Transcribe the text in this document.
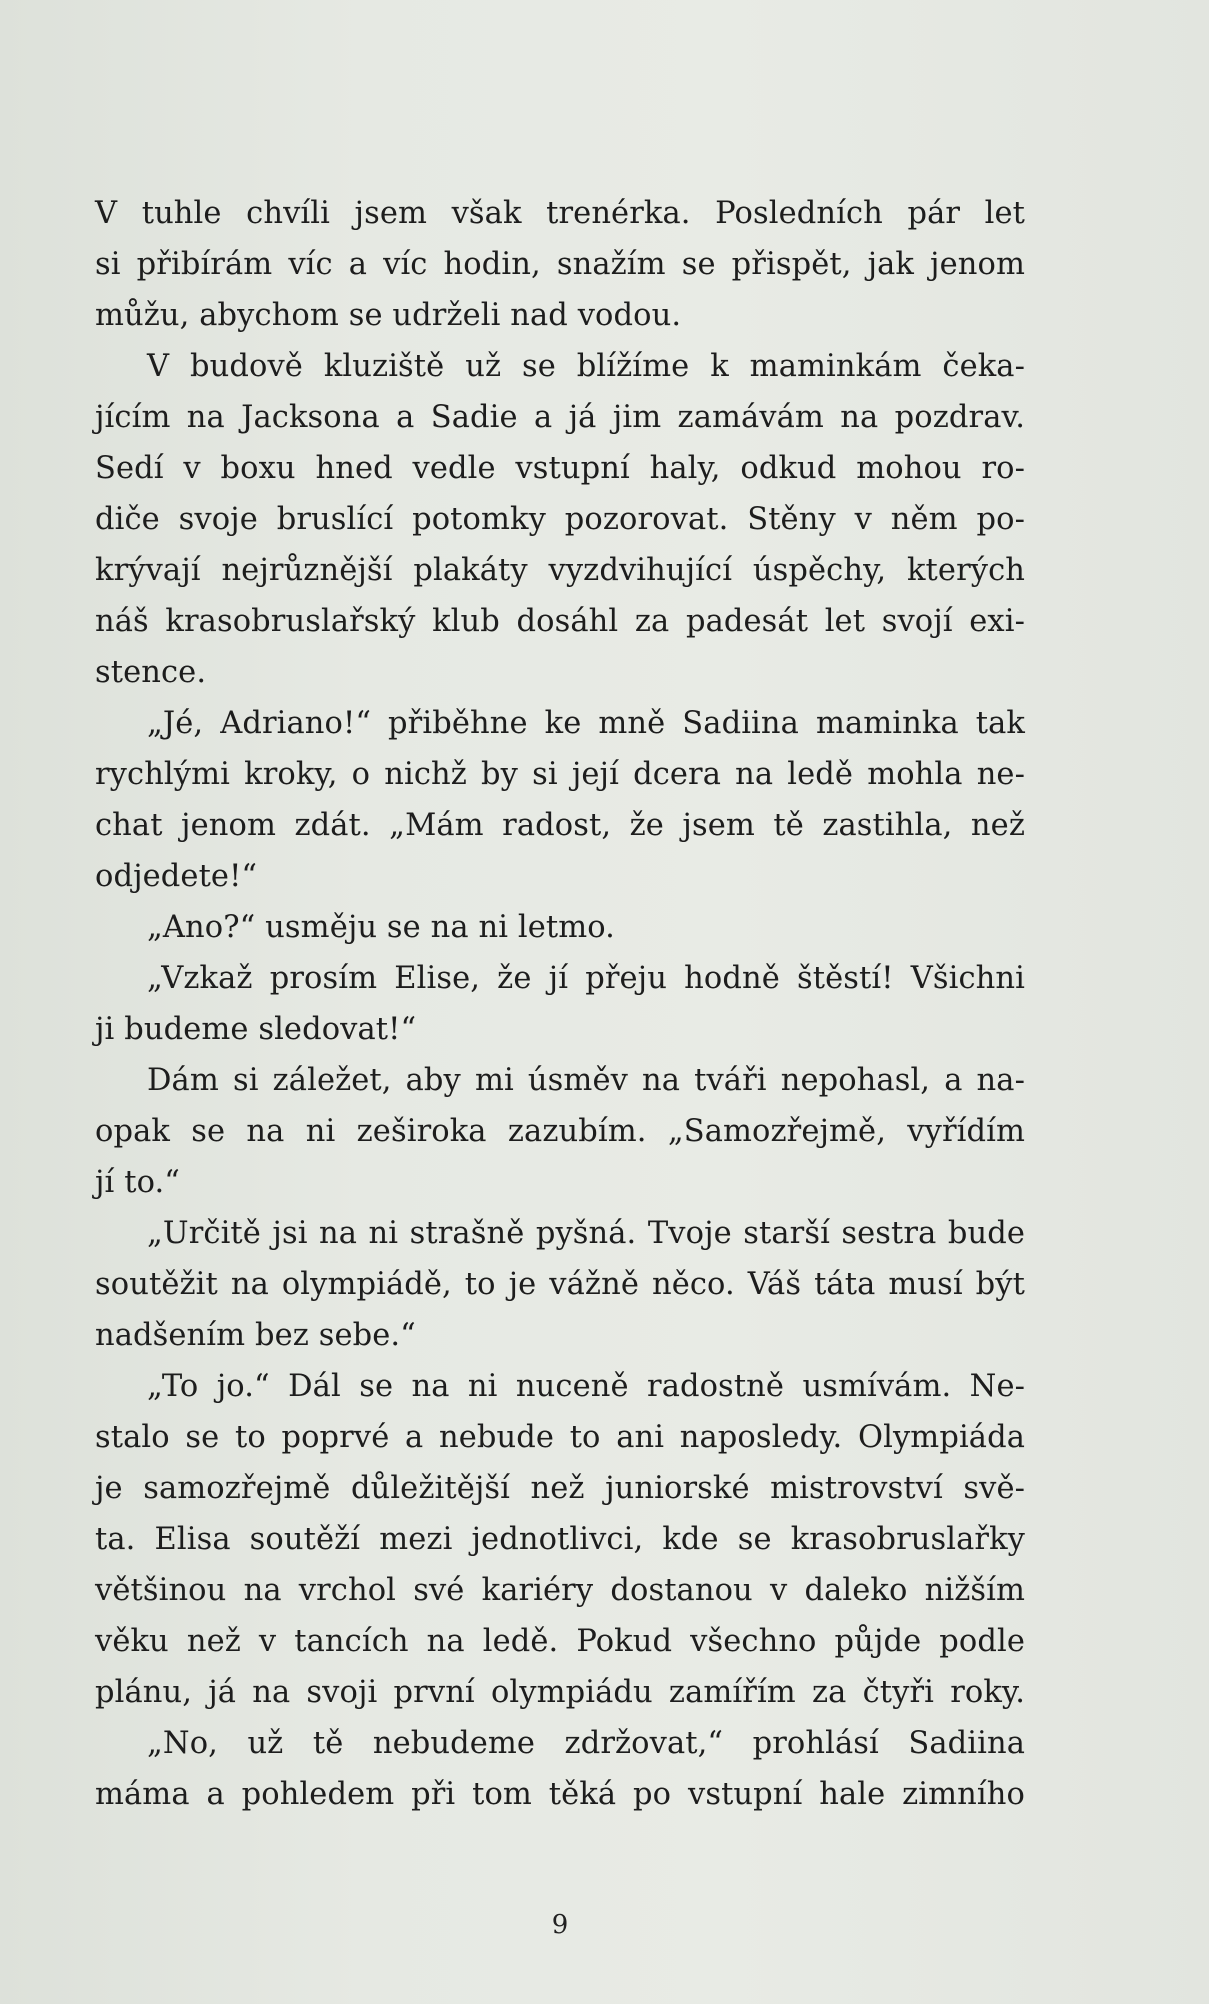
V tuhle chvíli jsem však trenérka. Posledních pár let
si přibírám víc a víc hodin, snažím se přispět, jak jenom
můžu, abychom se udrželi nad vodou.
V budově kluziště už se blížíme k maminkám čeka-
jícím na Jacksona a Sadie a já jim zamávám na pozdrav.
Sedí v boxu hned vedle vstupní haly, odkud mohou ro-
diče svoje bruslící potomky pozorovat. Stěny v něm po-
krývají nejrůznější plakáty vyzdvihující úspěchy, kterých
náš krasobruslařský klub dosáhl za padesát let svojí exi-
stence.
„Jé, Adriano!“ přiběhne ke mně Sadiina maminka tak
rychlými kroky, o nichž by si její dcera na ledě mohla ne-
chat jenom zdát. „Mám radost, že jsem tě zastihla, než
odjedete!“
„Ano?“ usměju se na ni letmo.
„Vzkaž prosím Elise, že jí přeju hodně štěstí! Všichni
ji budeme sledovat!“
Dám si záležet, aby mi úsměv na tváři nepohasl, a na-
opak se na ni zeširoka zazubím. „Samozřejmě, vyřídím
jí to.“
„Určitě jsi na ni strašně pyšná. Tvoje starší sestra bude
soutěžit na olympiádě, to je vážně něco. Váš táta musí být
nadšením bez sebe.“
„To jo.“ Dál se na ni nuceně radostně usmívám. Ne-
stalo se to poprvé a nebude to ani naposledy. Olympiáda
je samozřejmě důležitější než juniorské mistrovství svě-
ta. Elisa soutěží mezi jednotlivci, kde se krasobruslařky
většinou na vrchol své kariéry dostanou v daleko nižším
věku než v tancích na ledě. Pokud všechno půjde podle
plánu, já na svoji první olympiádu zamířím za čtyři roky.
„No, už tě nebudeme zdržovat,“ prohlásí Sadiina
máma a pohledem při tom těká po vstupní hale zimního
9
